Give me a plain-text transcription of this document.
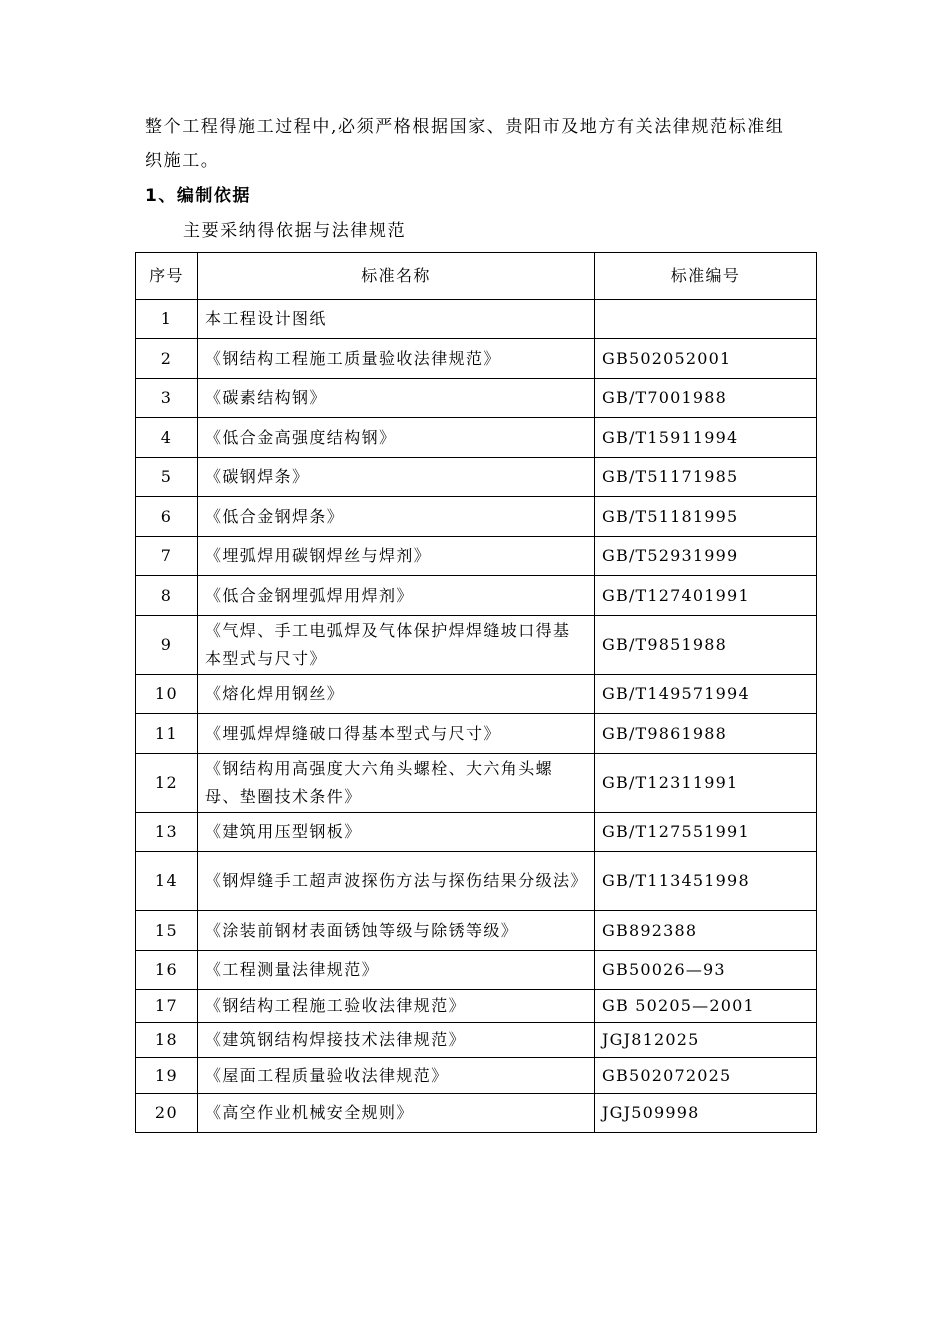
整个工程得施工过程中,必须严格根据国家、贵阳市及地方有关法律规范标准组
织施工。

1、编制依据

主要采纳得依据与法律规范

序号	标准名称	标准编号
1	本工程设计图纸	
2	《钢结构工程施工质量验收法律规范》	GB502052001
3	《碳素结构钢》	GB/T7001988
4	《低合金高强度结构钢》	GB/T15911994
5	《碳钢焊条》	GB/T51171985
6	《低合金钢焊条》	GB/T51181995
7	《埋弧焊用碳钢焊丝与焊剂》	GB/T52931999
8	《低合金钢埋弧焊用焊剂》	GB/T127401991
9	《气焊、手工电弧焊及气体保护焊焊缝坡口得基本型式与尺寸》	GB/T9851988
10	《熔化焊用钢丝》	GB/T149571994
11	《埋弧焊焊缝破口得基本型式与尺寸》	GB/T9861988
12	《钢结构用高强度大六角头螺栓、大六角头螺母、垫圈技术条件》	GB/T12311991
13	《建筑用压型钢板》	GB/T127551991
14	《钢焊缝手工超声波探伤方法与探伤结果分级法》	GB/T113451998
15	《涂装前钢材表面锈蚀等级与除锈等级》	GB892388
16	《工程测量法律规范》	GB50026—93
17	《钢结构工程施工验收法律规范》	GB 50205—2001
18	《建筑钢结构焊接技术法律规范》	JGJ812025
19	《屋面工程质量验收法律规范》	GB502072025
20	《高空作业机械安全规则》	JGJ509998
